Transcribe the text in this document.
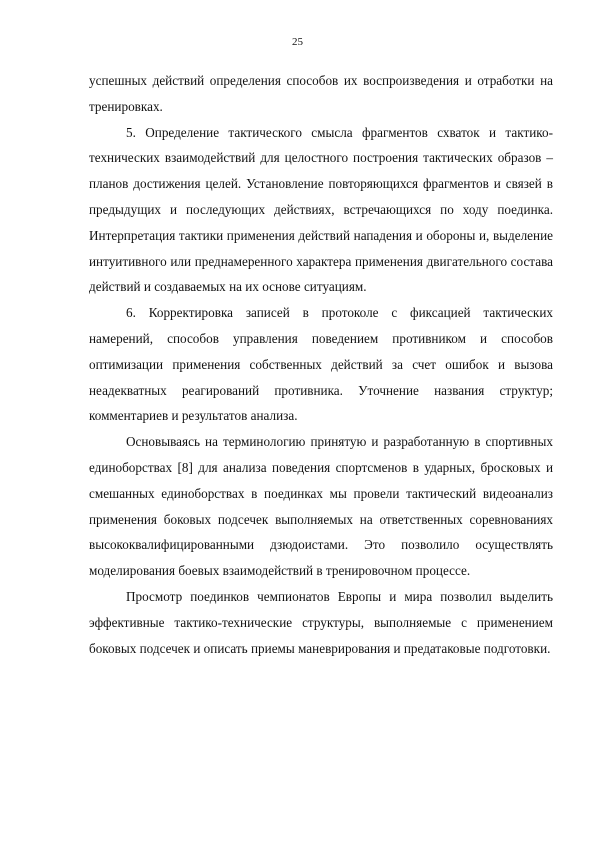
25

успешных действий определения способов их воспроизведения и отработки на тренировках.

5. Определение тактического смысла фрагментов схваток и тактико-технических взаимодействий для целостного построения тактических образов – планов достижения целей. Установление повторяющихся фрагментов и связей в предыдущих и последующих действиях, встречающихся по ходу поединка. Интерпретация тактики применения действий нападения и обороны и, выделение интуитивного или преднамеренного характера применения двигательного состава действий и создаваемых на их основе ситуациям.

6. Корректировка записей в протоколе с фиксацией тактических намерений, способов управления поведением противником и способов оптимизации применения собственных действий за счет ошибок и вызова неадекватных реагирований противника. Уточнение названия структур; комментариев и результатов анализа.

Основываясь на терминологию принятую и разработанную в спортивных единоборствах [8] для анализа поведения спортсменов в ударных, бросковых и смешанных единоборствах в поединках мы провели тактический видеоанализ применения боковых подсечек выполняемых на ответственных соревнованиях высококвалифицированными дзюдоистами. Это позволило осуществлять моделирования боевых взаимодействий в тренировочном процессе.

Просмотр поединков чемпионатов Европы и мира позволил выделить эффективные тактико-технические структуры, выполняемые с применением боковых подсечек и описать приемы маневрирования и предатаковые подготовки.
